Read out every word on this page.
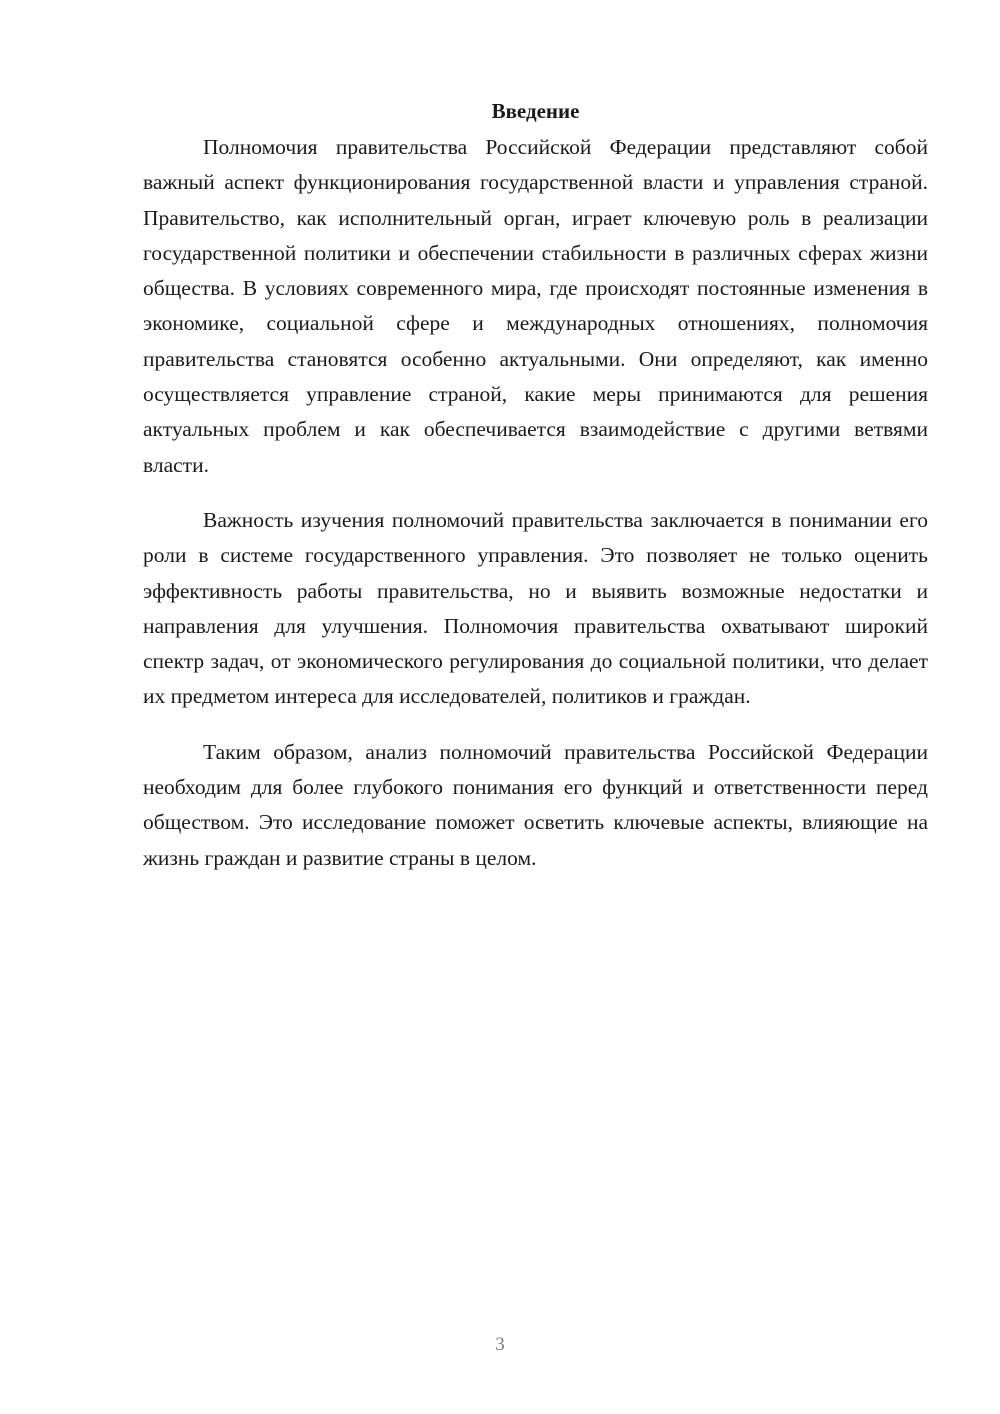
Введение

Полномочия правительства Российской Федерации представляют собой важный аспект функционирования государственной власти и управления страной. Правительство, как исполнительный орган, играет ключевую роль в реализации государственной политики и обеспечении стабильности в различных сферах жизни общества. В условиях современного мира, где происходят постоянные изменения в экономике, социальной сфере и международных отношениях, полномочия правительства становятся особенно актуальными. Они определяют, как именно осуществляется управление страной, какие меры принимаются для решения актуальных проблем и как обеспечивается взаимодействие с другими ветвями власти.

Важность изучения полномочий правительства заключается в понимании его роли в системе государственного управления. Это позволяет не только оценить эффективность работы правительства, но и выявить возможные недостатки и направления для улучшения. Полномочия правительства охватывают широкий спектр задач, от экономического регулирования до социальной политики, что делает их предметом интереса для исследователей, политиков и граждан.

Таким образом, анализ полномочий правительства Российской Федерации необходим для более глубокого понимания его функций и ответственности перед обществом. Это исследование поможет осветить ключевые аспекты, влияющие на жизнь граждан и развитие страны в целом.

3
